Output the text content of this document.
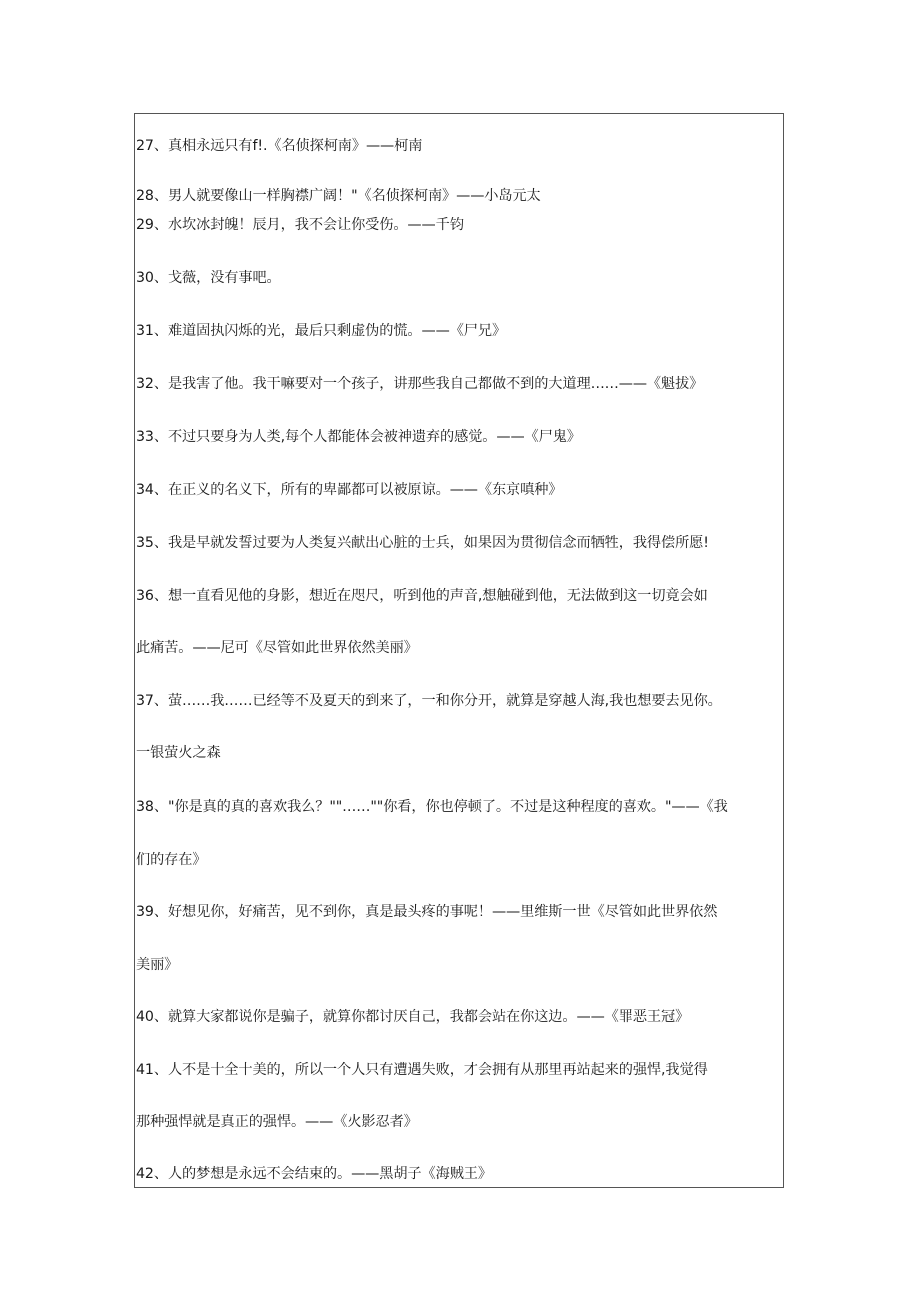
27、真相永远只有f!.《名侦探柯南》——柯南
28、男人就要像山一样胸襟广阔！"《名侦探柯南》——小岛元太
29、水坎冰封魄！辰月，我不会让你受伤。——千钧
30、戈薇，没有事吧。
31、难道固执闪烁的光，最后只剩虚伪的慌。——《尸兄》
32、是我害了他。我干嘛要对一个孩子，讲那些我自己都做不到的大道理……——《魁拔》
33、不过只要身为人类,每个人都能体会被神遗弃的感觉。——《尸鬼》
34、在正义的名义下，所有的卑鄙都可以被原谅。——《东京嗔种》
35、我是早就发誓过要为人类复兴献出心脏的士兵，如果因为贯彻信念而牺牲，我得偿所愿!
36、想一直看见他的身影，想近在咫尺，听到他的声音,想触碰到他，无法做到这一切竟会如
此痛苦。——尼可《尽管如此世界依然美丽》
37、萤……我……已经等不及夏天的到来了，一和你分开，就算是穿越人海,我也想要去见你。
一银萤火之森
38、"你是真的真的喜欢我么？""……""你看，你也停顿了。不过是这种程度的喜欢。"——《我
们的存在》
39、好想见你，好痛苦，见不到你，真是最头疼的事呢！——里维斯一世《尽管如此世界依然
美丽》
40、就算大家都说你是骗子，就算你都讨厌自己，我都会站在你这边。——《罪恶王冠》
41、人不是十全十美的，所以一个人只有遭遇失败，才会拥有从那里再站起来的强悍,我觉得
那种强悍就是真正的强悍。——《火影忍者》
42、人的梦想是永远不会结束的。——黑胡子《海贼王》
